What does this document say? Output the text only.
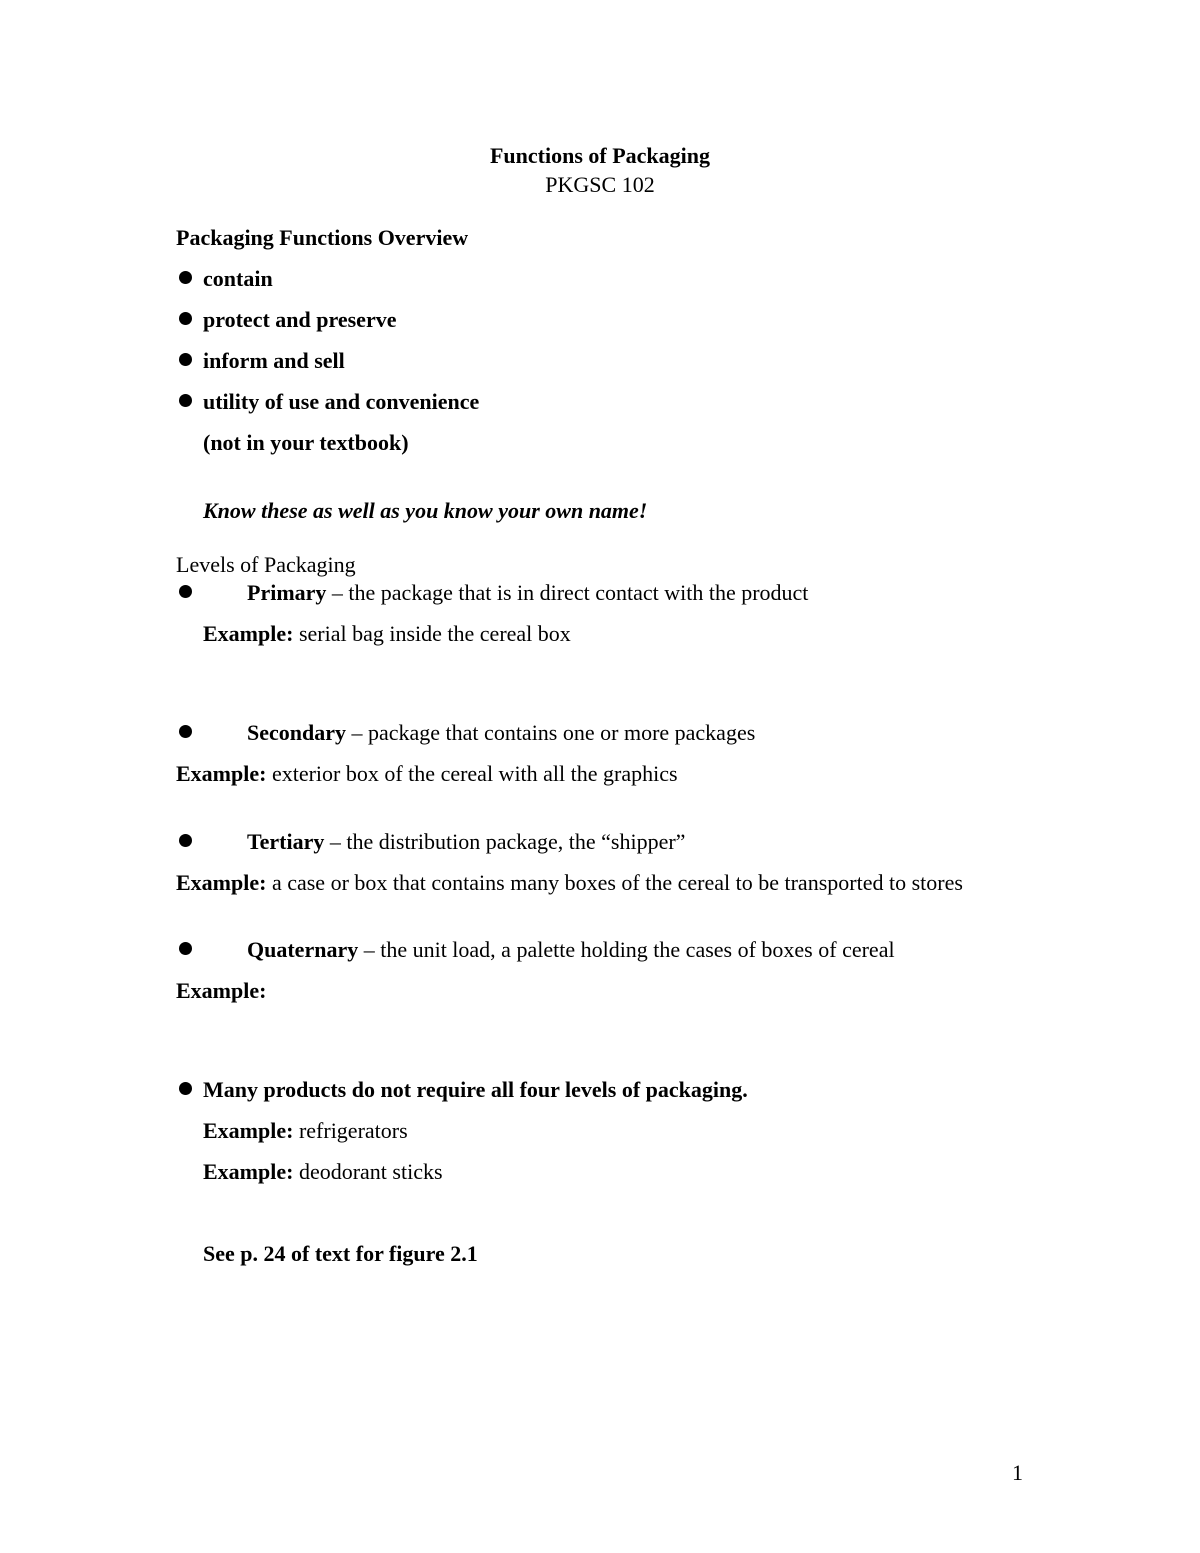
Functions of Packaging
PKGSC 102
Packaging Functions Overview
contain
protect and preserve
inform and sell
utility of use and convenience
(not in your textbook)
Know these as well as you know your own name!
Levels of Packaging
Primary – the package that is in direct contact with the product
Example: serial bag inside the cereal box
Secondary – package that contains one or more packages
Example: exterior box of the cereal with all the graphics
Tertiary – the distribution package, the “shipper”
Example: a case or box that contains many boxes of the cereal to be transported to stores
Quaternary – the unit load, a palette holding the cases of boxes of cereal
Example:
Many products do not require all four levels of packaging.
Example: refrigerators
Example: deodorant sticks
See p. 24 of text for figure 2.1
1
